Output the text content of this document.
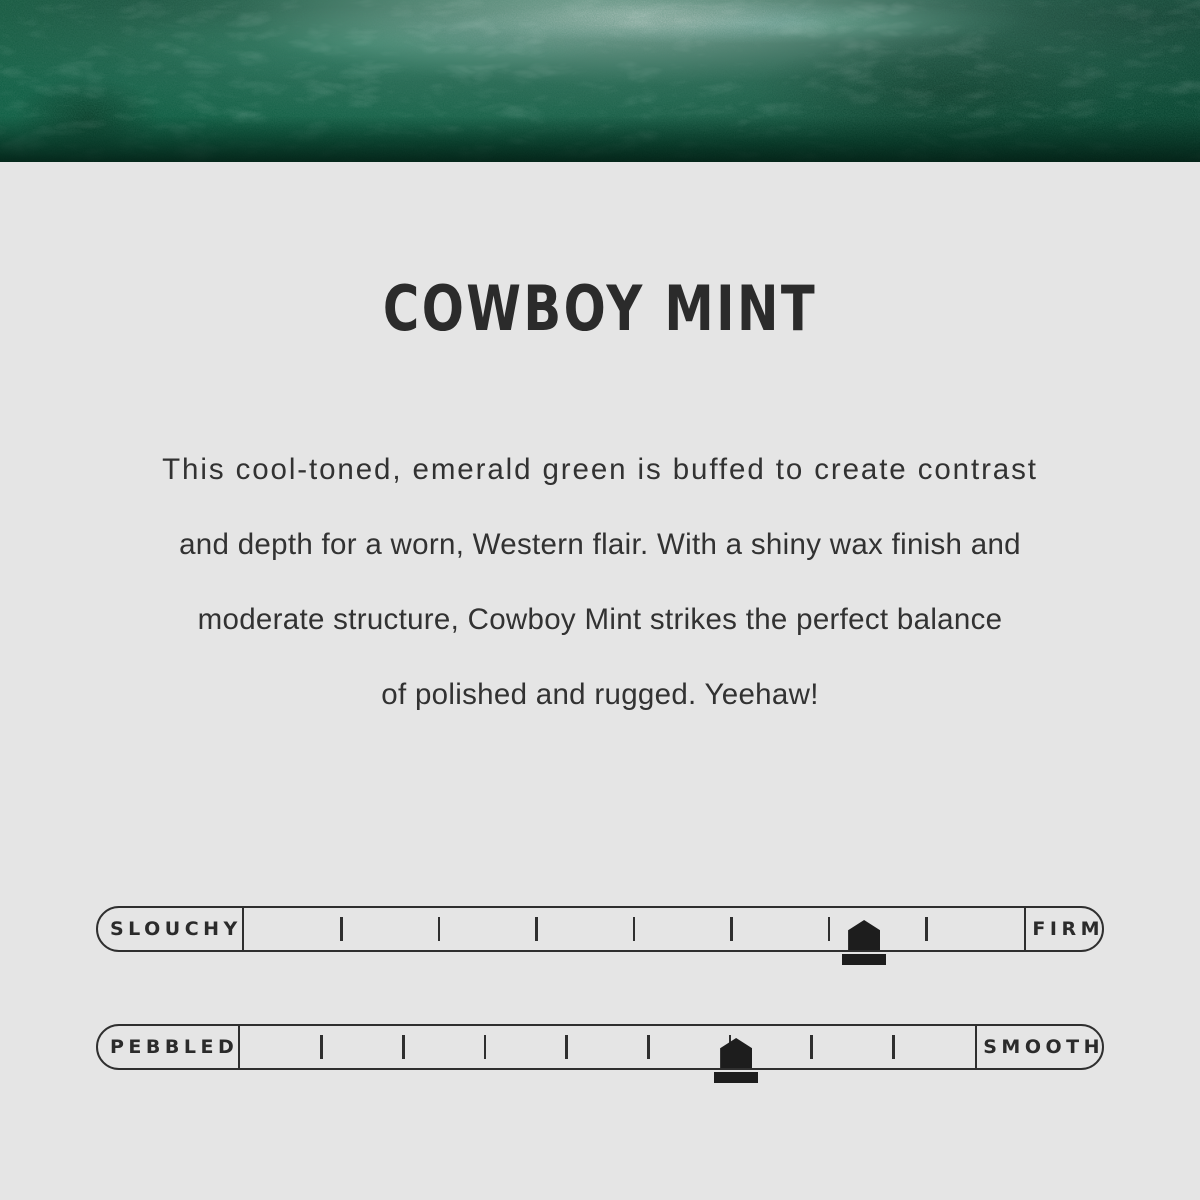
COWBOY MINT
This cool-toned, emerald green is buffed to create contrast
and depth for a worn, Western flair. With a shiny wax finish and
moderate structure, Cowboy Mint strikes the perfect balance
of polished and rugged. Yeehaw!
SLOUCHY	FIRM
PEBBLED	SMOOTH
